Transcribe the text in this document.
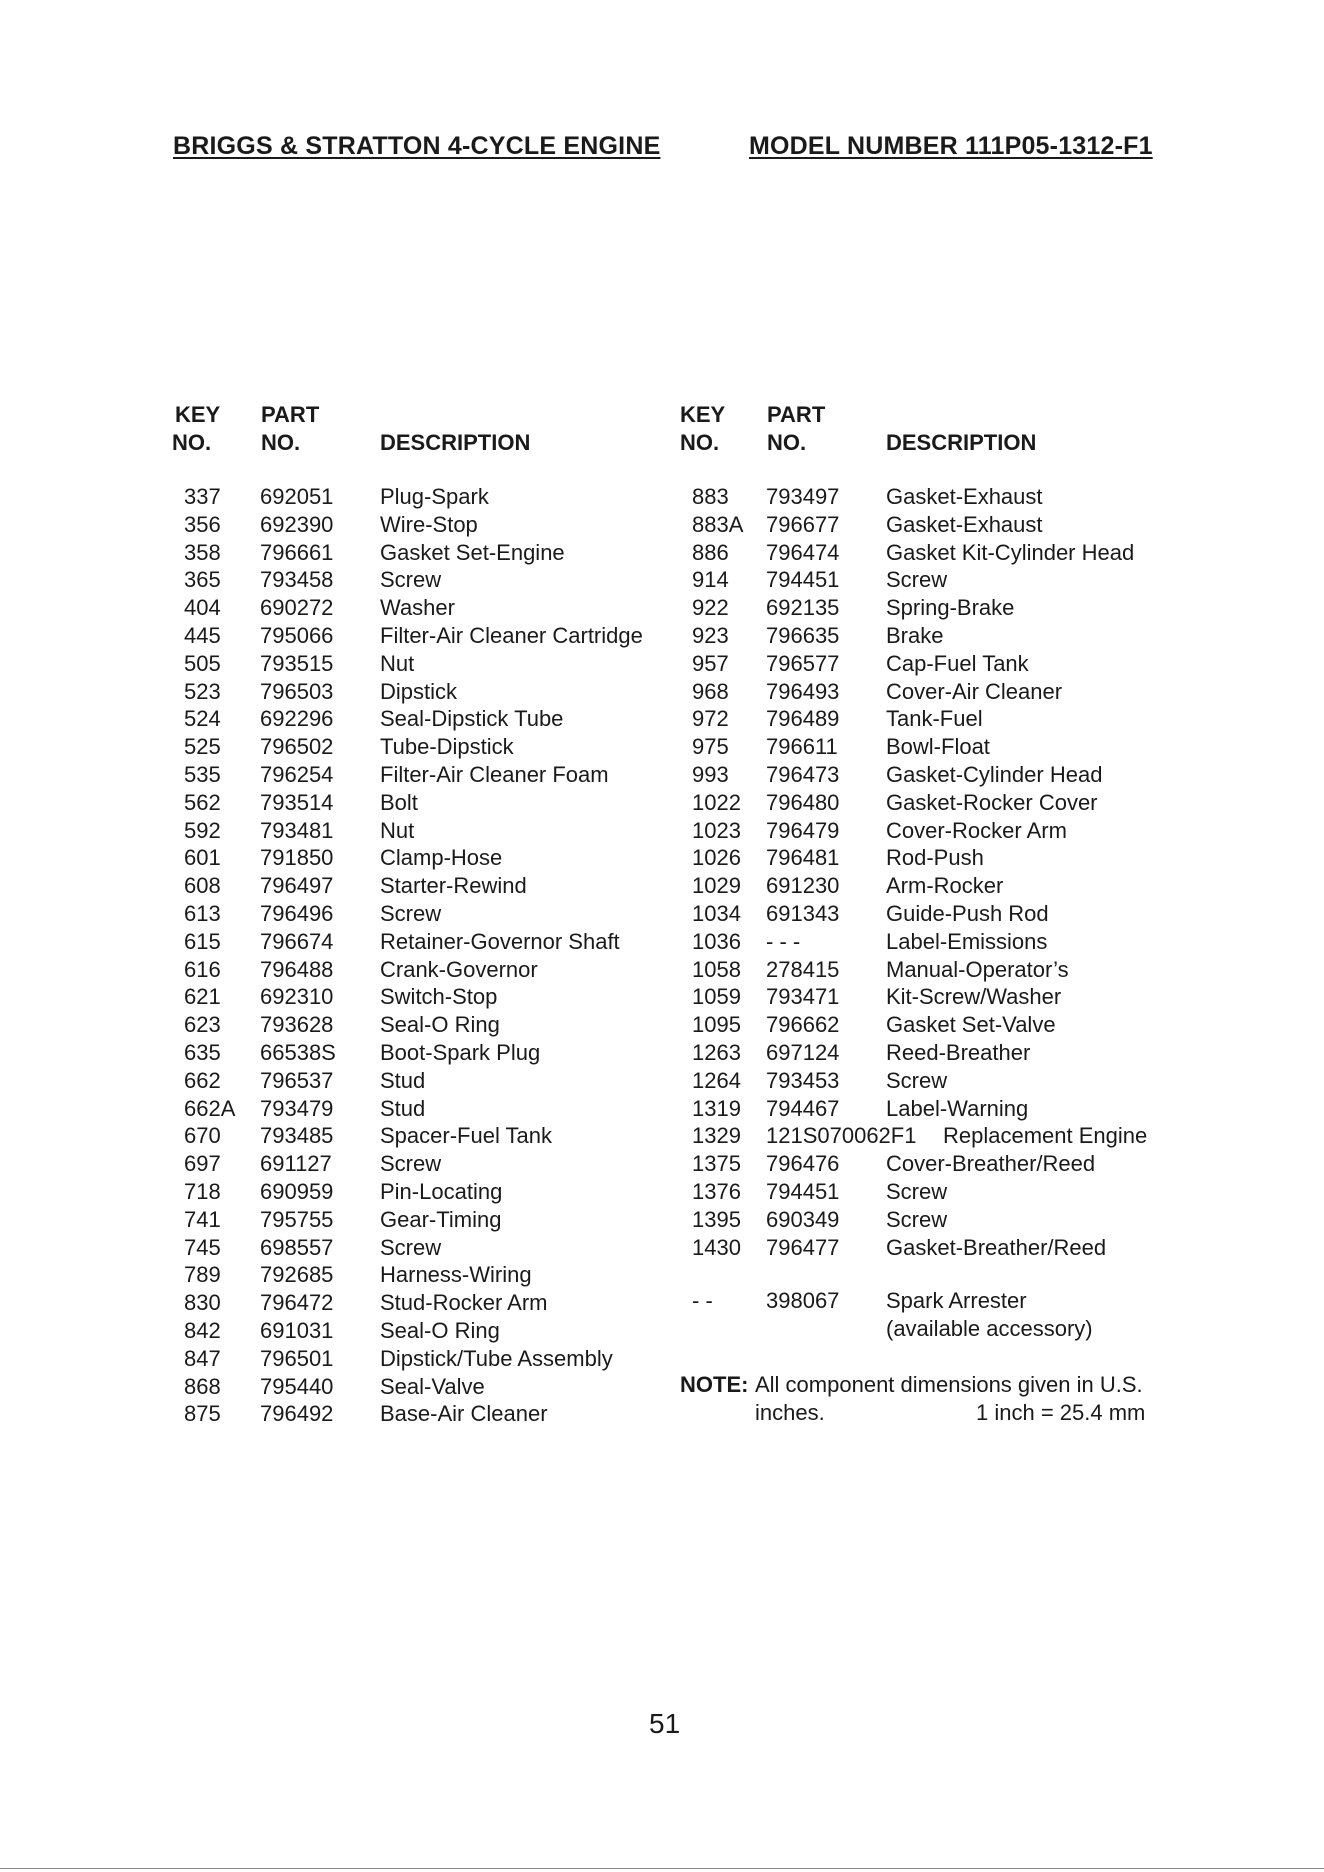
BRIGGS & STRATTON 4-CYCLE ENGINE	MODEL NUMBER 111P05-1312-F1
KEY
NO.
PART
NO.	DESCRIPTION
KEY
NO.
PART
NO.	DESCRIPTION
337 692051 Plug-Spark
356 692390 Wire-Stop
358 796661 Gasket Set-Engine
365 793458 Screw
404 690272 Washer
445 795066 Filter-Air Cleaner Cartridge
505 793515 Nut
523 796503 Dipstick
524 692296 Seal-Dipstick Tube
525 796502 Tube-Dipstick
535 796254 Filter-Air Cleaner Foam
562 793514 Bolt
592 793481 Nut
601 791850 Clamp-Hose
608 796497 Starter-Rewind
613 796496 Screw
615 796674 Retainer-Governor Shaft
616 796488 Crank-Governor
621 692310 Switch-Stop
623 793628 Seal-O Ring
635 66538S Boot-Spark Plug
662 796537 Stud
662A 793479 Stud
670 793485 Spacer-Fuel Tank
697 691127 Screw
718 690959 Pin-Locating
741 795755 Gear-Timing
745 698557 Screw
789 792685 Harness-Wiring
830 796472 Stud-Rocker Arm
842 691031 Seal-O Ring
847 796501 Dipstick/Tube Assembly
868 795440 Seal-Valve
875 796492 Base-Air Cleaner
883 793497 Gasket-Exhaust
883A 796677 Gasket-Exhaust
886 796474 Gasket Kit-Cylinder Head
914 794451 Screw
922 692135 Spring-Brake
923 796635 Brake
957 796577 Cap-Fuel Tank
968 796493 Cover-Air Cleaner
972 796489 Tank-Fuel
975 796611 Bowl-Float
993 796473 Gasket-Cylinder Head
1022 796480 Gasket-Rocker Cover
1023 796479 Cover-Rocker Arm
1026 796481 Rod-Push
1029 691230 Arm-Rocker
1034 691343 Guide-Push Rod
1036 - - -	Label-Emissions
1058 278415 Manual-Operator’s
1059 793471 Kit-Screw/Washer
1095 796662 Gasket Set-Valve
1263 697124 Reed-Breather
1264 793453 Screw
1319 794467 Label-Warning
1329 121S070062F1 Replacement Engine
1375 796476 Cover-Breather/Reed
1376 794451 Screw
1395 690349 Screw
1430 796477 Gasket-Breather/Reed
- - 398067 Spark Arrester
(available accessory)
NOTE: All component dimensions given in U.S.
inches.	1 inch = 25.4 mm
51
